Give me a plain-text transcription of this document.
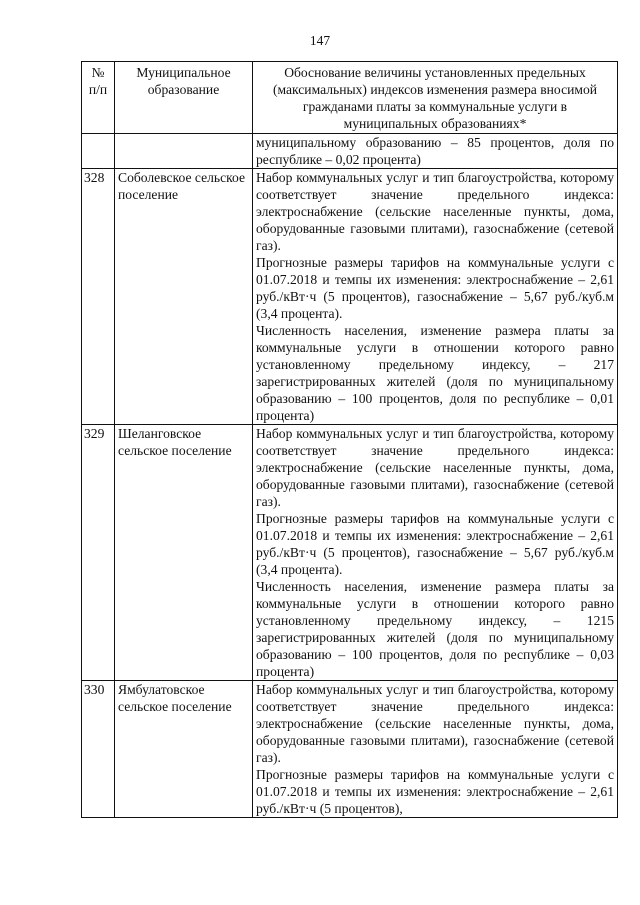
147
№ п/п	Муниципальное образование	Обоснование величины установленных предельных (максимальных) индексов изменения размера вносимой гражданами платы за коммунальные услуги в муниципальных образованиях*

		муниципальному образованию – 85 процентов, доля по республике – 0,02 процента)

328	Соболевское сельское поселение	Набор коммунальных услуг и тип благоустройства, которому соответствует значение предельного индекса: электроснабжение (сельские населенные пункты, дома, оборудованные газовыми плитами), газоснабжение (сетевой газ).

Прогнозные размеры тарифов на коммунальные услуги с 01.07.2018 и темпы их изменения: электроснабжение – 2,61 руб./кВт·ч (5 процентов), газоснабжение – 5,67 руб./куб.м (3,4 процента).

Численность населения, изменение размера платы за коммунальные услуги в отношении которого равно установленному предельному индексу, – 217 зарегистрированных жителей (доля по муниципальному образованию – 100 процентов, доля по республике – 0,01 процента)

329	Шеланговское сельское поселение	Набор коммунальных услуг и тип благоустройства, которому соответствует значение предельного индекса: электроснабжение (сельские населенные пункты, дома, оборудованные газовыми плитами), газоснабжение (сетевой газ).

Прогнозные размеры тарифов на коммунальные услуги с 01.07.2018 и темпы их изменения: электроснабжение – 2,61 руб./кВт·ч (5 процентов), газоснабжение – 5,67 руб./куб.м (3,4 процента).

Численность населения, изменение размера платы за коммунальные услуги в отношении которого равно установленному предельному индексу, – 1215 зарегистрированных жителей (доля по муниципальному образованию – 100 процентов, доля по республике – 0,03 процента)

330	Ямбулатовское сельское поселение	Набор коммунальных услуг и тип благоустройства, которому соответствует значение предельного индекса: электроснабжение (сельские населенные пункты, дома, оборудованные газовыми плитами), газоснабжение (сетевой газ).

Прогнозные размеры тарифов на коммунальные услуги с 01.07.2018 и темпы их изменения: электроснабжение – 2,61 руб./кВт·ч (5 процентов),
